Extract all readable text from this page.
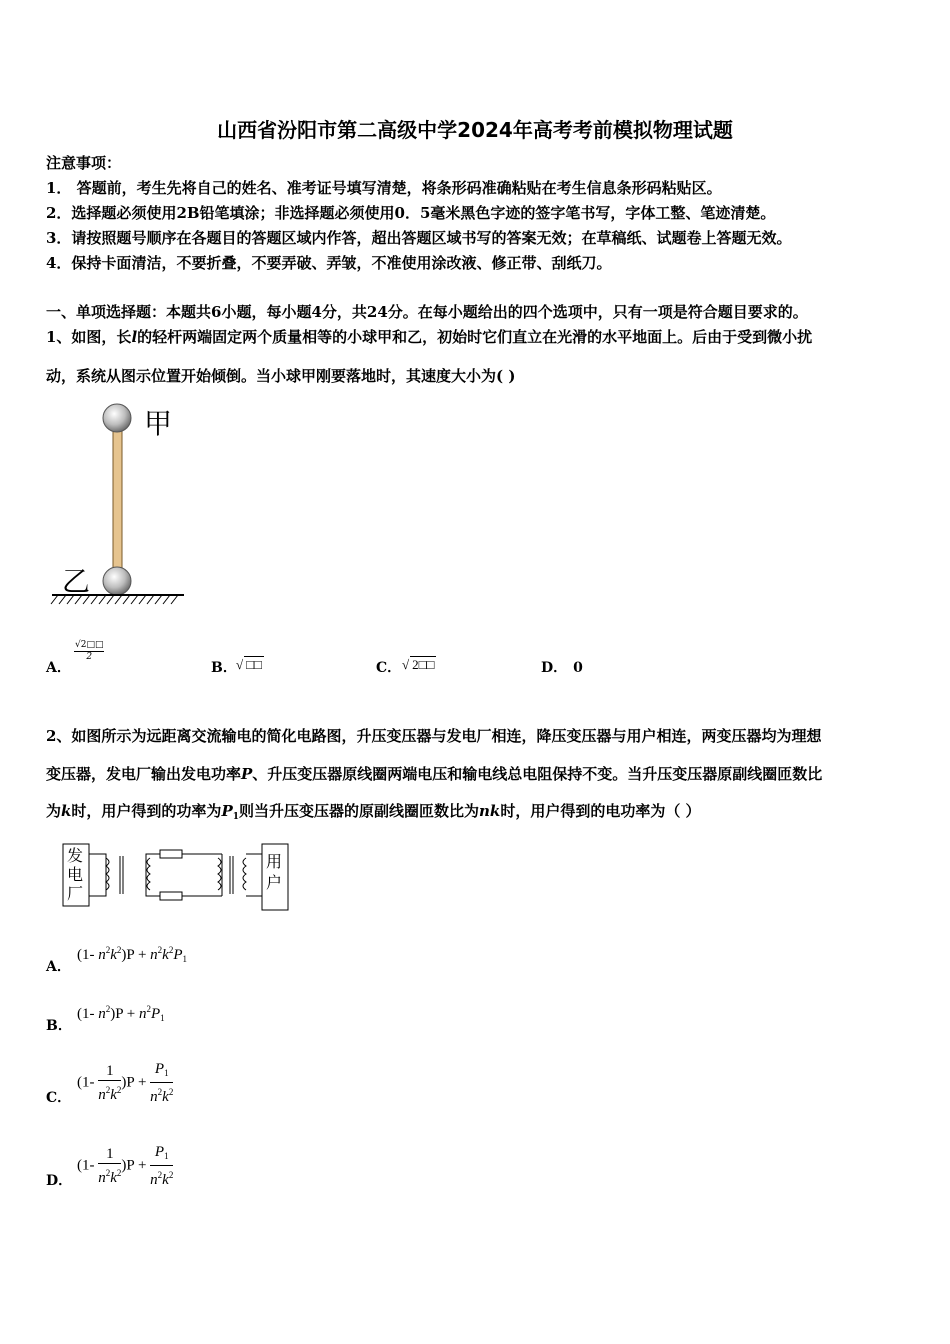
山西省汾阳市第二高级中学2024年高考考前模拟物理试题
注意事项：
1． 答题前，考生先将自己的姓名、准考证号填写清楚，将条形码准确粘贴在考生信息条形码粘贴区。
2．选择题必须使用2B铅笔填涂；非选择题必须使用0．5毫米黑色字迹的签字笔书写，字体工整、笔迹清楚。
3．请按照题号顺序在各题目的答题区域内作答，超出答题区域书写的答案无效；在草稿纸、试题卷上答题无效。
4．保持卡面清洁，不要折叠，不要弄破、弄皱，不准使用涂改液、修正带、刮纸刀。
一、单项选择题：本题共6小题，每小题4分，共24分。在每小题给出的四个选项中，只有一项是符合题目要求的。
1、如图，长l的轻杆两端固定两个质量相等的小球甲和乙，初始时它们直立在光滑的水平地面上。后由于受到微小扰
动，系统从图示位置开始倾倒。当小球甲刚要落地时，其速度大小为( )
甲
乙
A．
$\frac{√2□□}{2}$
B． √ □□	C． √ 2□□	D． 0
2、如图所示为远距离交流输电的简化电路图，升压变压器与发电厂相连，降压变压器与用户相连，两变压器均为理想
变压器，发电厂输出发电功率P、升压变压器原线圈两端电压和输电线总电阻保持不变。当升压变压器原副线圈匝数比
为k时，用户得到的功率为$P_1$则当升压变压器的原副线圈匝数比为nk时，用户得到的电功率为（ ）
发
电
厂
用
户
A．
(1- $n^2k^2)P + n^2k^2P_1$
B．
(1- $n^2)P + n^2P_1$
C．
$(1- \frac{1}{n^2k^2} )P + \frac{P_1}{n^2k^2}$
D．
$(1- \frac{1}{n^2k^2} )P + \frac{P_1}{n^2k^2}$
